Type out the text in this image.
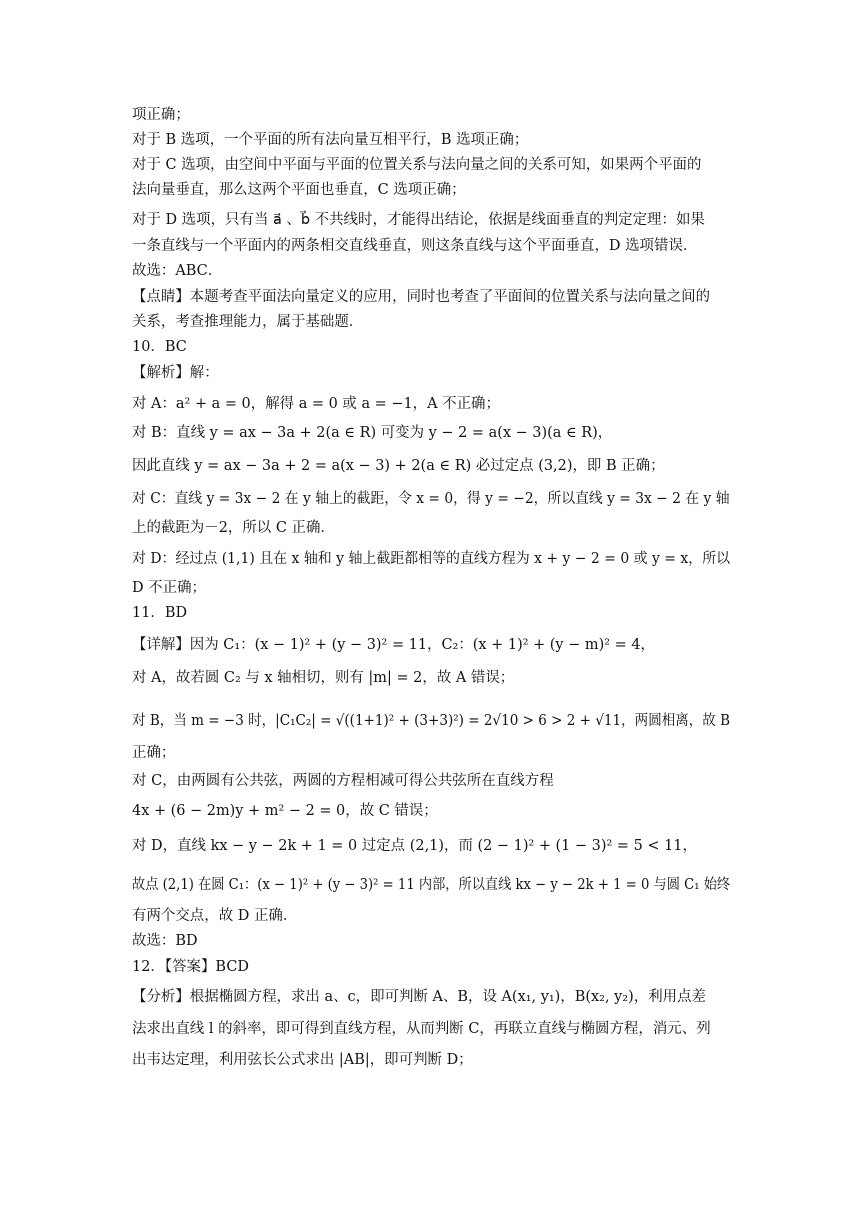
项正确；
对于 B 选项，一个平面的所有法向量互相平行，B 选项正确；
对于 C 选项，由空间中平面与平面的位置关系与法向量之间的关系可知，如果两个平面的
法向量垂直，那么这两个平面也垂直，C 选项正确；
对于 D 选项，只有当 a⃗ 、b⃗ 不共线时，才能得出结论，依据是线面垂直的判定定理：如果
一条直线与一个平面内的两条相交直线垂直，则这条直线与这个平面垂直，D 选项错误．
故选：ABC．
【点睛】本题考查平面法向量定义的应用，同时也考查了平面间的位置关系与法向量之间的
关系，考查推理能力，属于基础题．
10．BC
【解析】解：
对 A：a² + a = 0，解得 a = 0 或 a = −1，A 不正确；
对 B：直线 y = ax − 3a + 2(a ∈ R) 可变为 y − 2 = a(x − 3)(a ∈ R)，
因此直线 y = ax − 3a + 2 = a(x − 3) + 2(a ∈ R) 必过定点 (3,2)，即 B 正确；
对 C：直线 y = 3x − 2 在 y 轴上的截距，令 x = 0，得 y = −2，所以直线 y = 3x − 2 在 y 轴
上的截距为－2，所以 C 正确．
对 D：经过点 (1,1) 且在 x 轴和 y 轴上截距都相等的直线方程为 x + y − 2 = 0 或 y = x，所以
D 不正确；
11．BD
【详解】因为 C₁：(x − 1)² + (y − 3)² = 11，C₂：(x + 1)² + (y − m)² = 4，
对 A，故若圆 C₂ 与 x 轴相切，则有 |m| = 2，故 A 错误；
对 B，当 m = −3 时，|C₁C₂| = √((1+1)² + (3+3)²) = 2√10 > 6 > 2 + √11，两圆相离，故 B
正确；
对 C，由两圆有公共弦，两圆的方程相减可得公共弦所在直线方程
4x + (6 − 2m)y + m² − 2 = 0，故 C 错误；
对 D，直线 kx − y − 2k + 1 = 0 过定点 (2,1)，而 (2 − 1)² + (1 − 3)² = 5 < 11，
故点 (2,1) 在圆 C₁：(x − 1)² + (y − 3)² = 11 内部，所以直线 kx − y − 2k + 1 = 0 与圆 C₁ 始终
有两个交点，故 D 正确．
故选：BD
12．【答案】BCD
【分析】根据椭圆方程，求出 a、c，即可判断 A、B，设 A(x₁, y₁)，B(x₂, y₂)，利用点差
法求出直线 l 的斜率，即可得到直线方程，从而判断 C，再联立直线与椭圆方程，消元、列
出韦达定理，利用弦长公式求出 |AB|，即可判断 D；
